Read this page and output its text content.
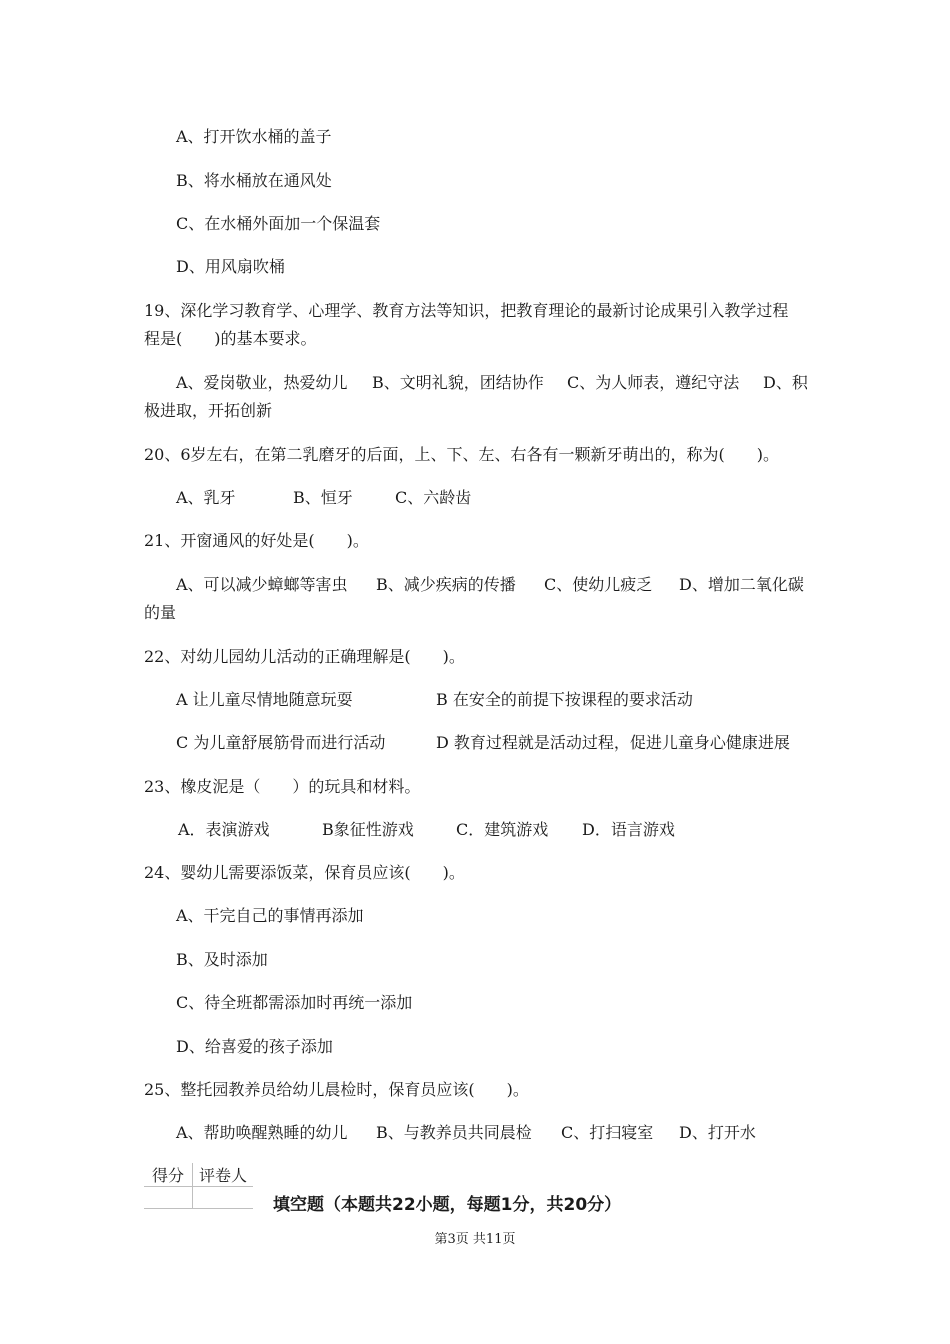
A、打开饮水桶的盖子
B、将水桶放在通风处
C、在水桶外面加一个保温套
D、用风扇吹桶
19、深化学习教育学、心理学、教育方法等知识，把教育理论的最新讨论成果引入教学过程
程是(　　)的基本要求。
A、爱岗敬业，热爱幼儿 B、文明礼貌，团结协作 C、为人师表，遵纪守法 D、积
极进取，开拓创新
20、6岁左右，在第二乳磨牙的后面，上、下、左、右各有一颗新牙萌出的，称为(　　)。
A、乳牙	B、恒牙	C、六龄齿
21、开窗通风的好处是(　　)。
A、可以减少蟑螂等害虫 B、减少疾病的传播 C、使幼儿疲乏 D、增加二氧化碳
的量
22、对幼儿园幼儿活动的正确理解是(　　)。
A 让儿童尽情地随意玩耍	B 在安全的前提下按课程的要求活动
C 为儿童舒展筋骨而进行活动	D 教育过程就是活动过程，促进儿童身心健康进展
23、橡皮泥是（　　）的玩具和材料。
A．表演游戏	B象征性游戏	C．建筑游戏 D．语言游戏
24、婴幼儿需要添饭菜，保育员应该(　　)。
A、干完自己的事情再添加
B、及时添加
C、待全班都需添加时再统一添加
D、给喜爱的孩子添加
25、整托园教养员给幼儿晨检时，保育员应该(　　)。
A、帮助唤醒熟睡的幼儿 B、与教养员共同晨检 C、打扫寝室 D、打开水
得分	评卷人

填空题（本题共22小题，每题1分，共20分）
第3页 共11页
